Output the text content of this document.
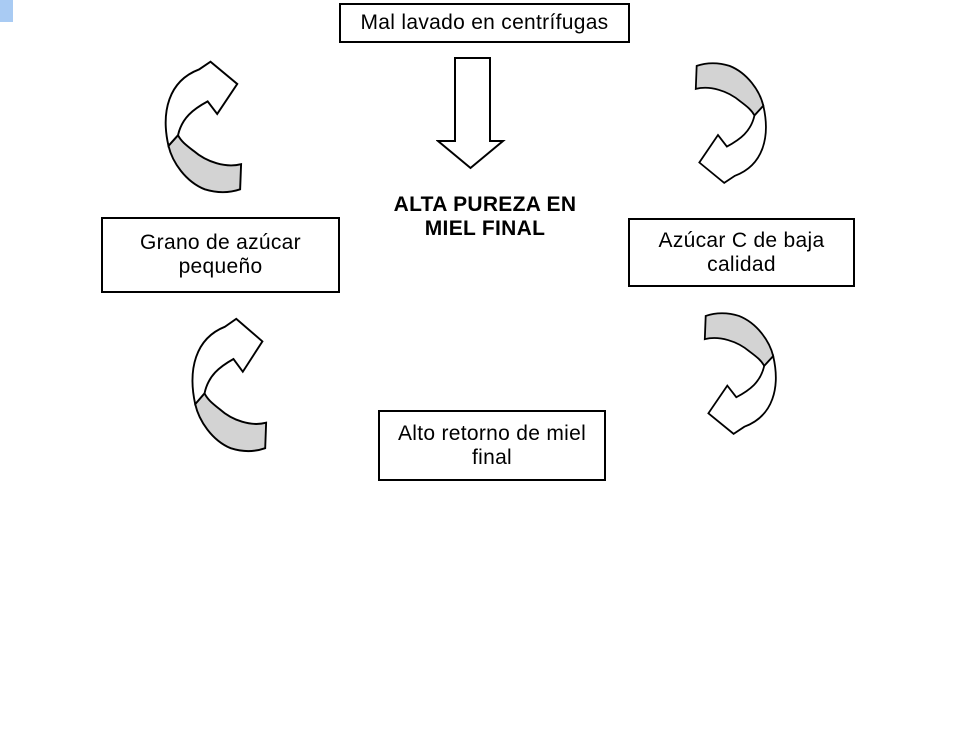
Mal lavado en centrífugas
ALTA PUREZA EN
MIEL FINAL
Grano de azúcar
pequeño
Azúcar C de baja
calidad
Alto retorno de miel
final
